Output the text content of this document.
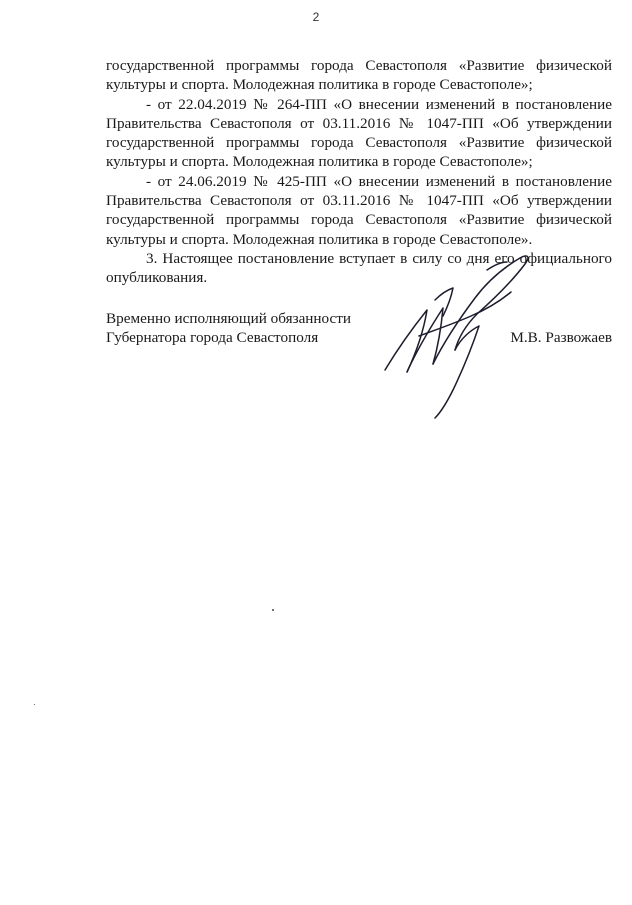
2

государственной программы города Севастополя «Развитие физической культуры и спорта. Молодежная политика в городе Севастополе»;

- от 22.04.2019 № 264-ПП «О внесении изменений в постановление Правительства Севастополя от 03.11.2016 № 1047-ПП «Об утверждении государственной программы города Севастополя «Развитие физической культуры и спорта. Молодежная политика в городе Севастополе»;

- от 24.06.2019 № 425-ПП «О внесении изменений в постановление Правительства Севастополя от 03.11.2016 № 1047-ПП «Об утверждении государственной программы города Севастополя «Развитие физической культуры и спорта. Молодежная политика в городе Севастополе».

3. Настоящее постановление вступает в силу со дня его официального опубликования.

Временно исполняющий обязанности
Губернатора города Севастополя	М.В. Развожаев
